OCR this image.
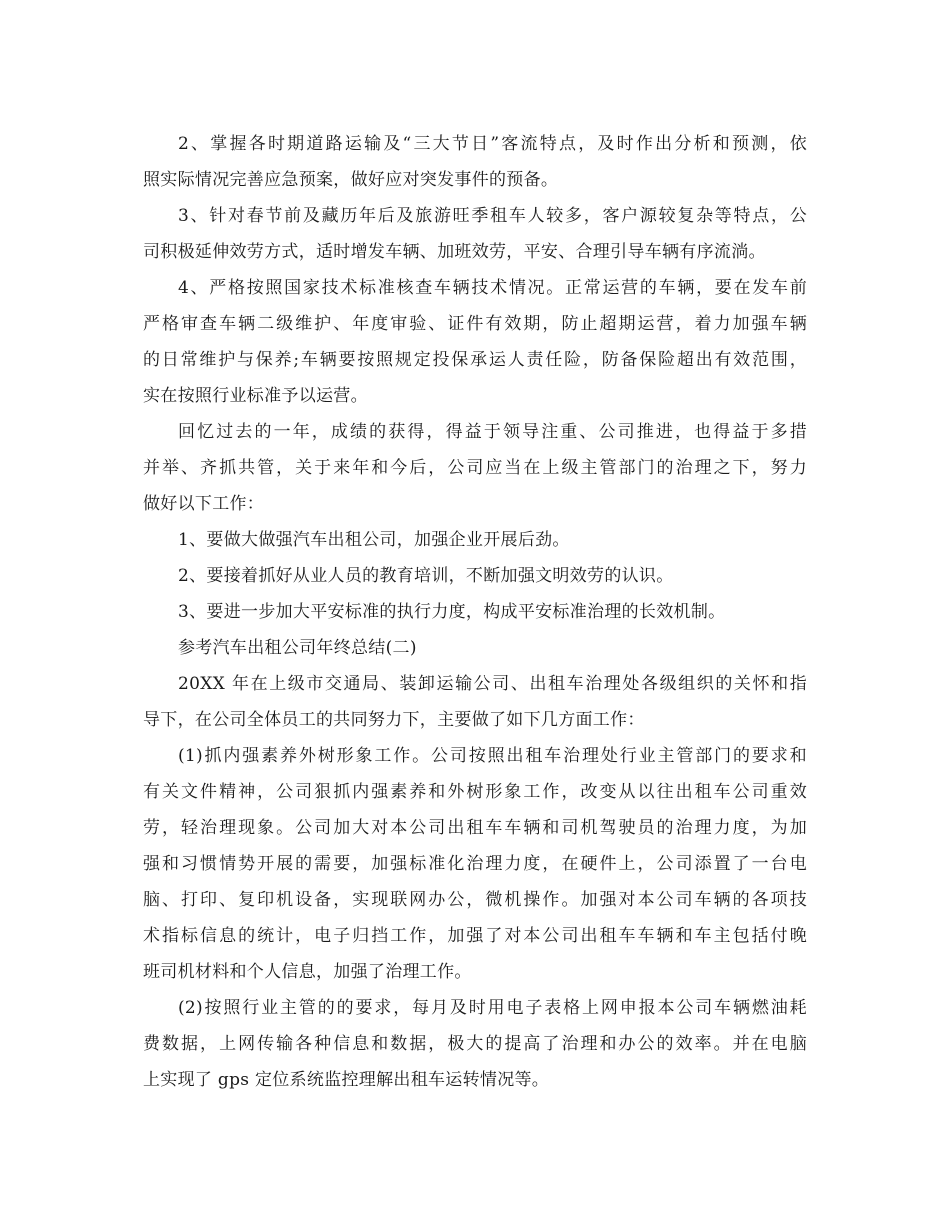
2、掌握各时期道路运输及“三大节日”客流特点，及时作出分析和预测，依
照实际情况完善应急预案，做好应对突发事件的预备。

3、针对春节前及藏历年后及旅游旺季租车人较多，客户源较复杂等特点，公
司积极延伸效劳方式，适时增发车辆、加班效劳，平安、合理引导车辆有序流淌。

4、严格按照国家技术标准核查车辆技术情况。正常运营的车辆，要在发车前
严格审查车辆二级维护、年度审验、证件有效期，防止超期运营，着力加强车辆
的日常维护与保养;车辆要按照规定投保承运人责任险，防备保险超出有效范围，
实在按照行业标准予以运营。

回忆过去的一年，成绩的获得，得益于领导注重、公司推进，也得益于多措
并举、齐抓共管，关于来年和今后，公司应当在上级主管部门的治理之下，努力
做好以下工作：

1、要做大做强汽车出租公司，加强企业开展后劲。

2、要接着抓好从业人员的教育培训，不断加强文明效劳的认识。

3、要进一步加大平安标准的执行力度，构成平安标准治理的长效机制。

参考汽车出租公司年终总结(二)

20XX 年在上级市交通局、装卸运输公司、出租车治理处各级组织的关怀和指
导下，在公司全体员工的共同努力下，主要做了如下几方面工作：

(1)抓内强素养外树形象工作。公司按照出租车治理处行业主管部门的要求和
有关文件精神，公司狠抓内强素养和外树形象工作，改变从以往出租车公司重效
劳，轻治理现象。公司加大对本公司出租车车辆和司机驾驶员的治理力度，为加
强和习惯情势开展的需要，加强标准化治理力度，在硬件上，公司添置了一台电
脑、打印、复印机设备，实现联网办公，微机操作。加强对本公司车辆的各项技
术指标信息的统计，电子归挡工作，加强了对本公司出租车车辆和车主包括付晚
班司机材料和个人信息，加强了治理工作。

(2)按照行业主管的的要求，每月及时用电子表格上网申报本公司车辆燃油耗
费数据，上网传输各种信息和数据，极大的提高了治理和办公的效率。并在电脑
上实现了 gps 定位系统监控理解出租车运转情况等。
